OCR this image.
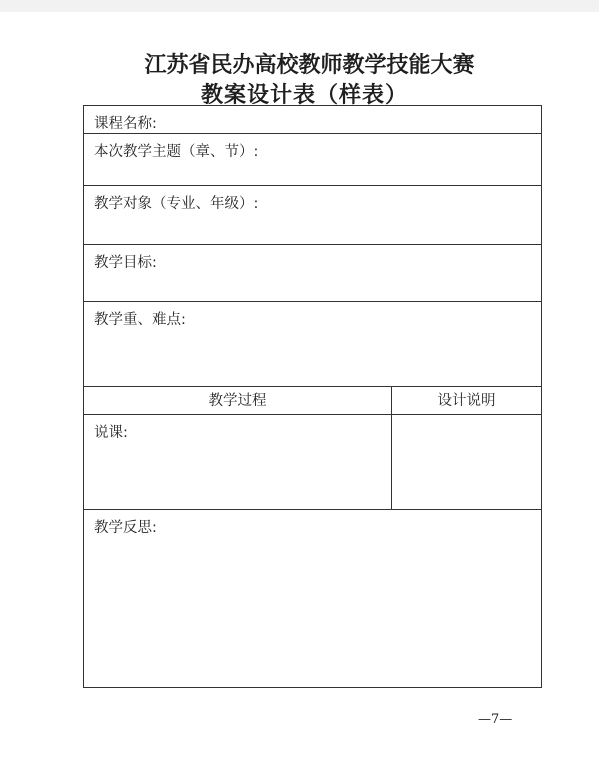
江苏省民办高校教师教学技能大赛
教案设计表（样表）
课程名称:
本次教学主题（章、节）:
教学对象（专业、年级）:
教学目标:
教学重、难点:
教学过程	设计说明
说课:
教学反思:
—7—
